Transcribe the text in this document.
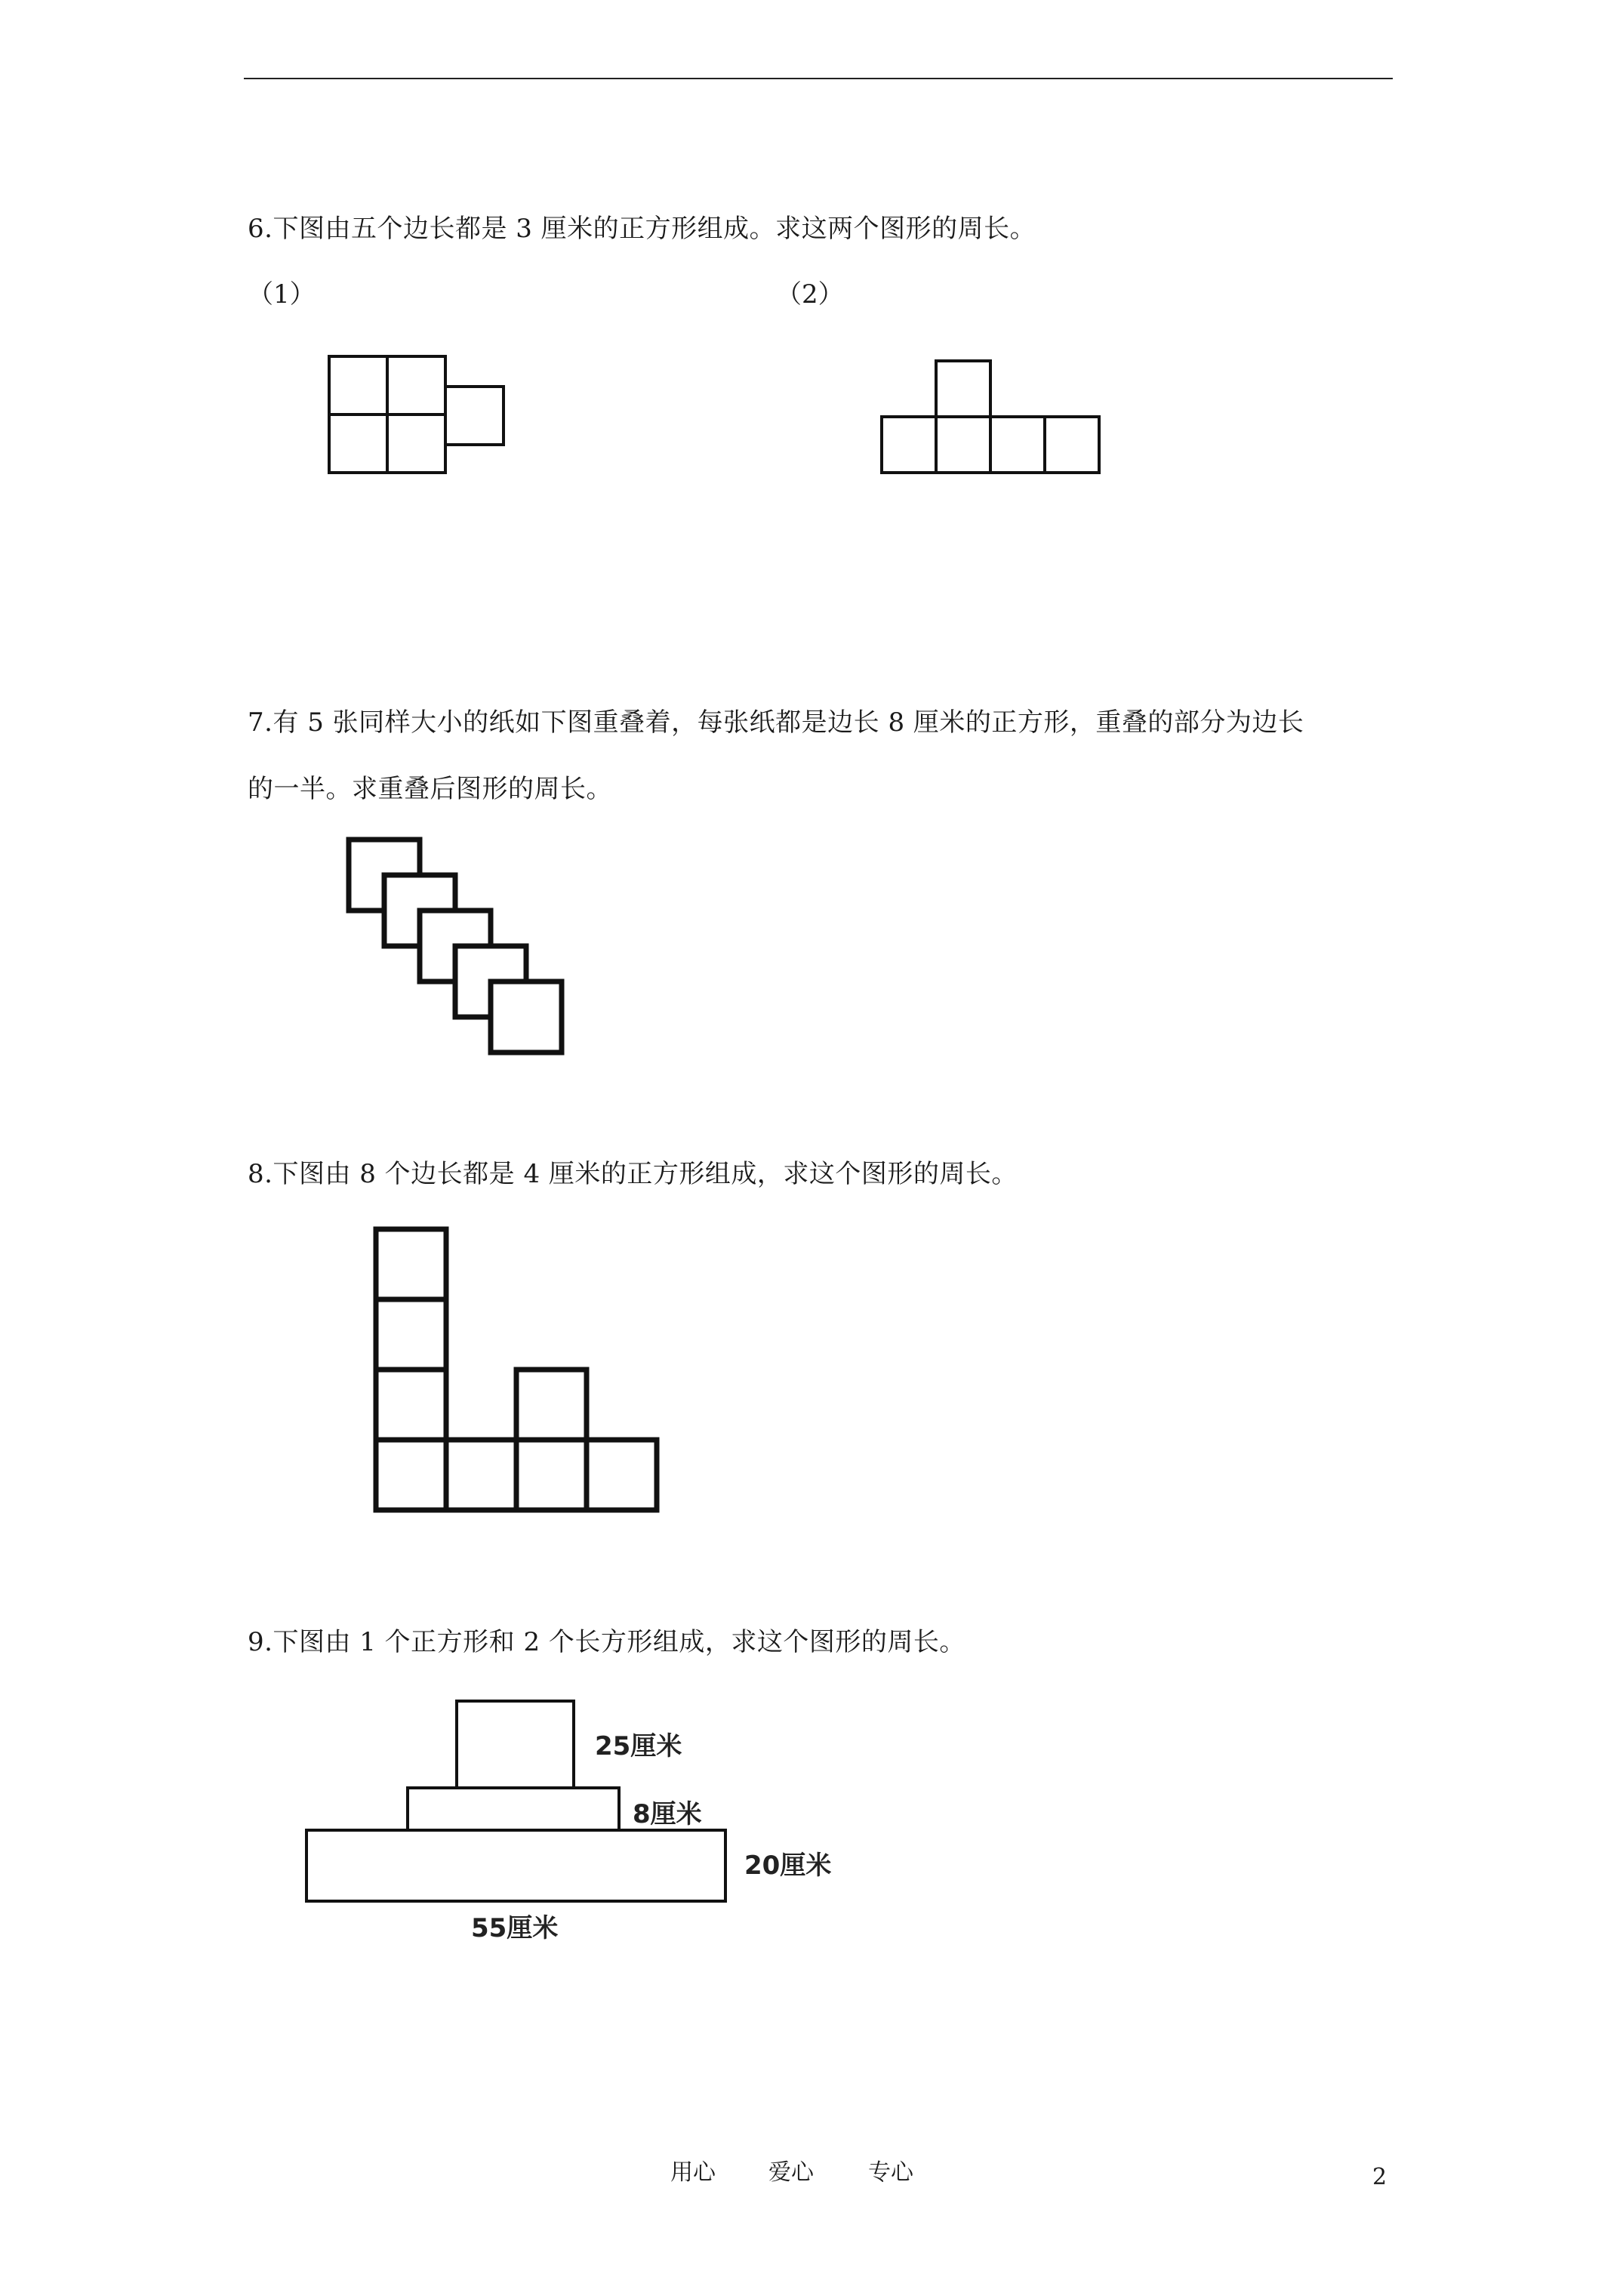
6.下图由五个边长都是 3 厘米的正方形组成。求这两个图形的周长。
（1）	（2）
7.有 5 张同样大小的纸如下图重叠着，每张纸都是边长 8 厘米的正方形，重叠的部分为边长
的一半。求重叠后图形的周长。
8.下图由 8 个边长都是 4 厘米的正方形组成，求这个图形的周长。
9.下图由 1 个正方形和 2 个长方形组成，求这个图形的周长。
25厘米
8厘米
20厘米
55厘米
用心 爱心 专心	2
